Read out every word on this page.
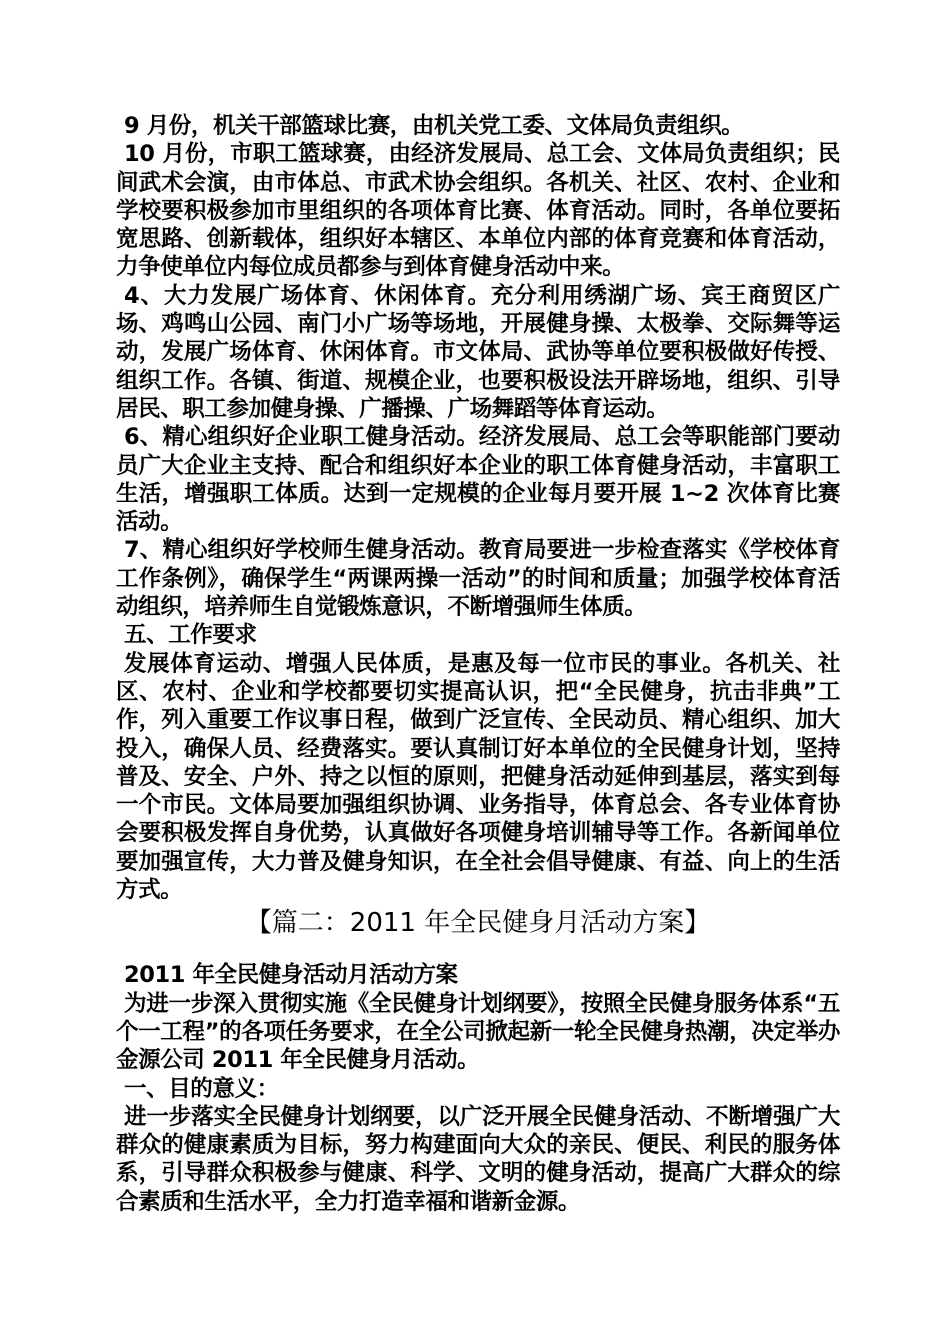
9 月份，机关干部篮球比赛，由机关党工委、文体局负责组织。

10 月份，市职工篮球赛，由经济发展局、总工会、文体局负责组织；民间武术会演，由市体总、市武术协会组织。各机关、社区、农村、企业和学校要积极参加市里组织的各项体育比赛、体育活动。同时，各单位要拓宽思路、创新载体，组织好本辖区、本单位内部的体育竞赛和体育活动，力争使单位内每位成员都参与到体育健身活动中来。

4、大力发展广场体育、休闲体育。充分利用绣湖广场、宾王商贸区广场、鸡鸣山公园、南门小广场等场地，开展健身操、太极拳、交际舞等运动，发展广场体育、休闲体育。市文体局、武协等单位要积极做好传授、组织工作。各镇、街道、规模企业，也要积极设法开辟场地，组织、引导居民、职工参加健身操、广播操、广场舞蹈等体育运动。

6、精心组织好企业职工健身活动。经济发展局、总工会等职能部门要动员广大企业主支持、配合和组织好本企业的职工体育健身活动，丰富职工生活，增强职工体质。达到一定规模的企业每月要开展 1~2 次体育比赛活动。

7、精心组织好学校师生健身活动。教育局要进一步检查落实《学校体育工作条例》，确保学生“两课两操一活动”的时间和质量；加强学校体育活动组织，培养师生自觉锻炼意识，不断增强师生体质。

五、工作要求

发展体育运动、增强人民体质，是惠及每一位市民的事业。各机关、社区、农村、企业和学校都要切实提高认识，把“全民健身，抗击非典”工作，列入重要工作议事日程，做到广泛宣传、全民动员、精心组织、加大投入，确保人员、经费落实。要认真制订好本单位的全民健身计划，坚持普及、安全、户外、持之以恒的原则，把健身活动延伸到基层，落实到每一个市民。文体局要加强组织协调、业务指导，体育总会、各专业体育协会要积极发挥自身优势，认真做好各项健身培训辅导等工作。各新闻单位要加强宣传，大力普及健身知识，在全社会倡导健康、有益、向上的生活方式。

【篇二：2011 年全民健身月活动方案】

2011 年全民健身活动月活动方案

为进一步深入贯彻实施《全民健身计划纲要》，按照全民健身服务体系“五个一工程”的各项任务要求，在全公司掀起新一轮全民健身热潮，决定举办金源公司 2011 年全民健身月活动。

一、目的意义：

进一步落实全民健身计划纲要，以广泛开展全民健身活动、不断增强广大群众的健康素质为目标，努力构建面向大众的亲民、便民、利民的服务体系，引导群众积极参与健康、科学、文明的健身活动，提高广大群众的综合素质和生活水平，全力打造幸福和谐新金源。
